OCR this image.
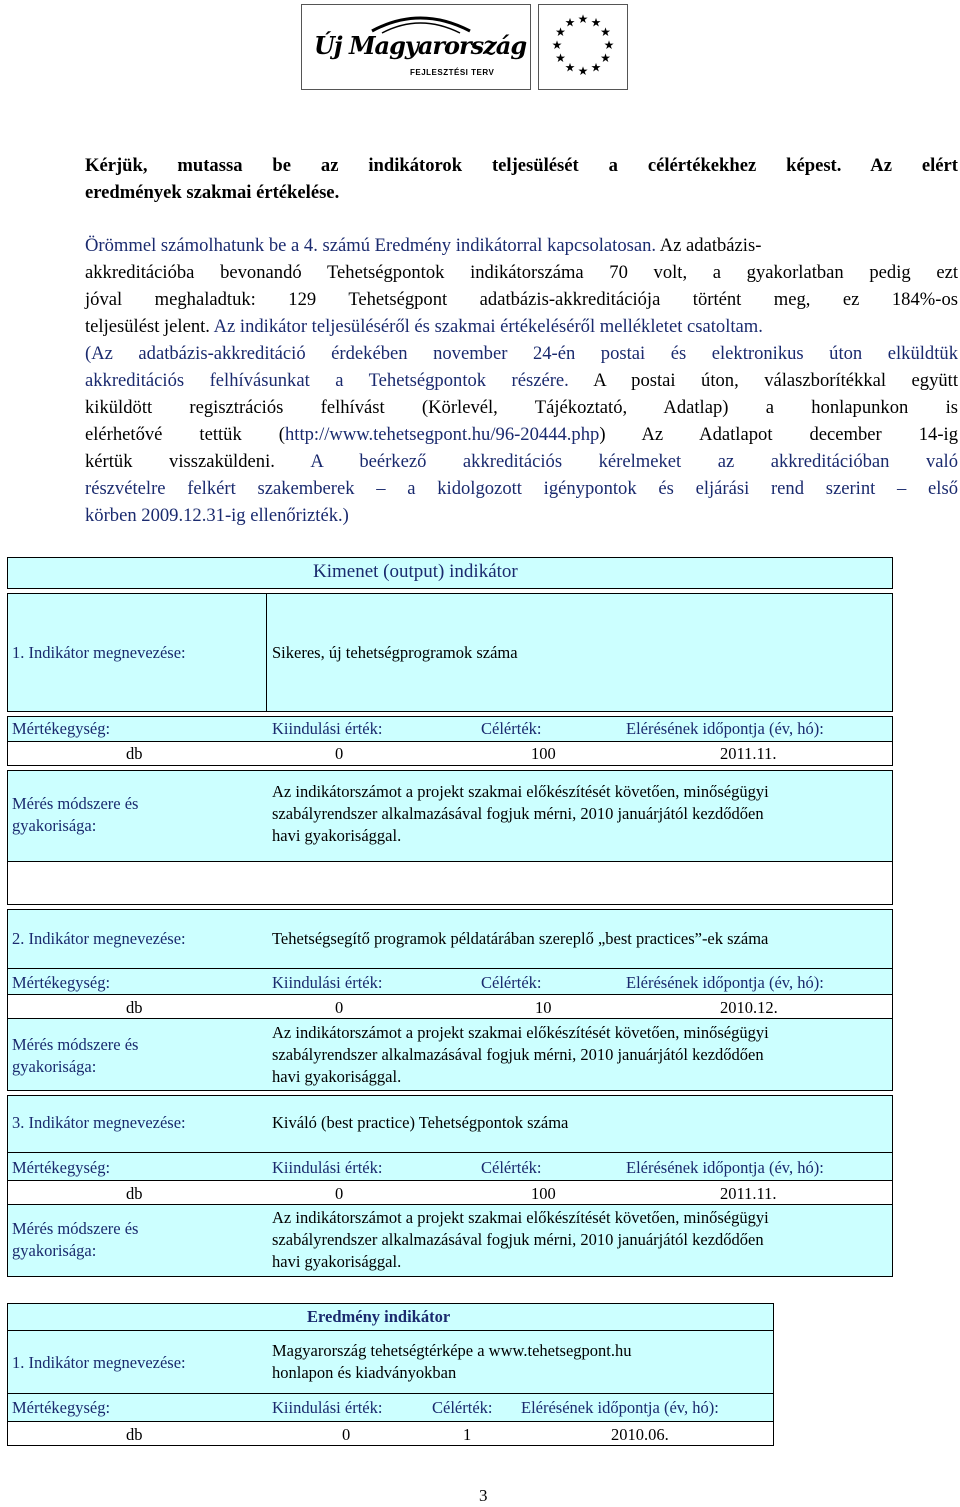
Új Magyarország
FEJLESZTÉSI TERV
★ ★
★
★
★
★
★
★
★
★
★
★
Kérjük, mutassa be az indikátorok teljesülését a célértékekhez képest. Az elért
eredmények szakmai értékelése.
Örömmel számolhatunk be a 4. számú Eredmény indikátorral kapcsolatosan. Az adatbázis-
akkreditációba bevonandó Tehetségpontok indikátorszáma 70 volt, a gyakorlatban pedig ezt
jóval meghaladtuk: 129 Tehetségpont adatbázis-akkreditációja történt meg, ez 184%-os
teljesülést jelent. Az indikátor teljesüléséről és szakmai értékeléséről mellékletet csatoltam.
(Az adatbázis-akkreditáció érdekében november 24-én postai és elektronikus úton elküldtük
akkreditációs felhívásunkat a Tehetségpontok részére. A postai úton, válaszborítékkal együtt
kiküldött regisztrációs felhívást (Körlevél, Tájékoztató, Adatlap) a honlapunkon is
elérhetővé tettük (http://www.tehetsegpont.hu/96-20444.php) Az Adatlapot december 14-ig
kértük visszaküldeni. A beérkező akkreditációs kérelmeket az akkreditációban való
részvételre felkért szakemberek – a kidolgozott igénypontok és eljárási rend szerint – első
körben 2009.12.31-ig ellenőrizték.)
Kimenet (output) indikátor
1. Indikátor megnevezése:	Sikeres, új tehetségprogramok száma
Mértékegység:	Kiindulási érték:	Célérték:	Elérésének időpontja (év, hó):
db	0	100	2011.11.
Mérés módszere és
gyakorisága:
Az indikátorszámot a projekt szakmai előkészítését követően, minőségügyi
szabályrendszer alkalmazásával fogjuk mérni, 2010 januárjától kezdődően
havi gyakorisággal.
2. Indikátor megnevezése:	Tehetségsegítő programok példatárában szereplő „best practices”-ek száma
Mértékegység:	Kiindulási érték:	Célérték:	Elérésének időpontja (év, hó):
db	0	10	2010.12.
Mérés módszere és
gyakorisága:
Az indikátorszámot a projekt szakmai előkészítését követően, minőségügyi
szabályrendszer alkalmazásával fogjuk mérni, 2010 januárjától kezdődően
havi gyakorisággal.
3. Indikátor megnevezése:	Kiváló (best practice) Tehetségpontok száma
Mértékegység:	Kiindulási érték:	Célérték:	Elérésének időpontja (év, hó):
db	0	100	2011.11.
Mérés módszere és
gyakorisága:
Az indikátorszámot a projekt szakmai előkészítését követően, minőségügyi
szabályrendszer alkalmazásával fogjuk mérni, 2010 januárjától kezdődően
havi gyakorisággal.
Eredmény indikátor
1. Indikátor megnevezése:
Magyarország tehetségtérképe a www.tehetsegpont.hu
honlapon és kiadványokban
Mértékegység:	Kiindulási érték:	Célérték: Elérésének időpontja (év, hó):
db	0	1	2010.06.
3
